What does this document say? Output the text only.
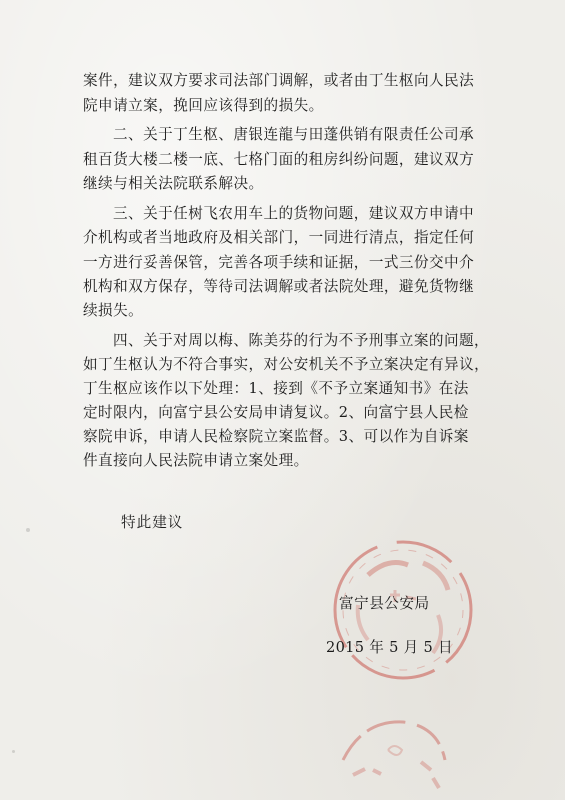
案件，建议双方要求司法部门调解，或者由丁生枢向人民法
院申请立案，挽回应该得到的损失。
二、关于丁生枢、唐银连龍与田蓬供销有限责任公司承
租百货大楼二楼一底、七格门面的租房纠纷问题，建议双方
继续与相关法院联系解决。
三、关于任树飞农用车上的货物问题，建议双方申请中
介机构或者当地政府及相关部门，一同进行清点，指定任何
一方进行妥善保管，完善各项手续和证据，一式三份交中介
机构和双方保存，等待司法调解或者法院处理，避免货物继
续损失。
四、关于对周以梅、陈美芬的行为不予刑事立案的问题，
如丁生枢认为不符合事实，对公安机关不予立案决定有异议，
丁生枢应该作以下处理：1、接到《不予立案通知书》在法
定时限内，向富宁县公安局申请复议。2、向富宁县人民检
察院申诉，申请人民检察院立案监督。3、可以作为自诉案
件直接向人民法院申请立案处理。
特此建议
富宁县公安局
2015 年 5 月 5 日
